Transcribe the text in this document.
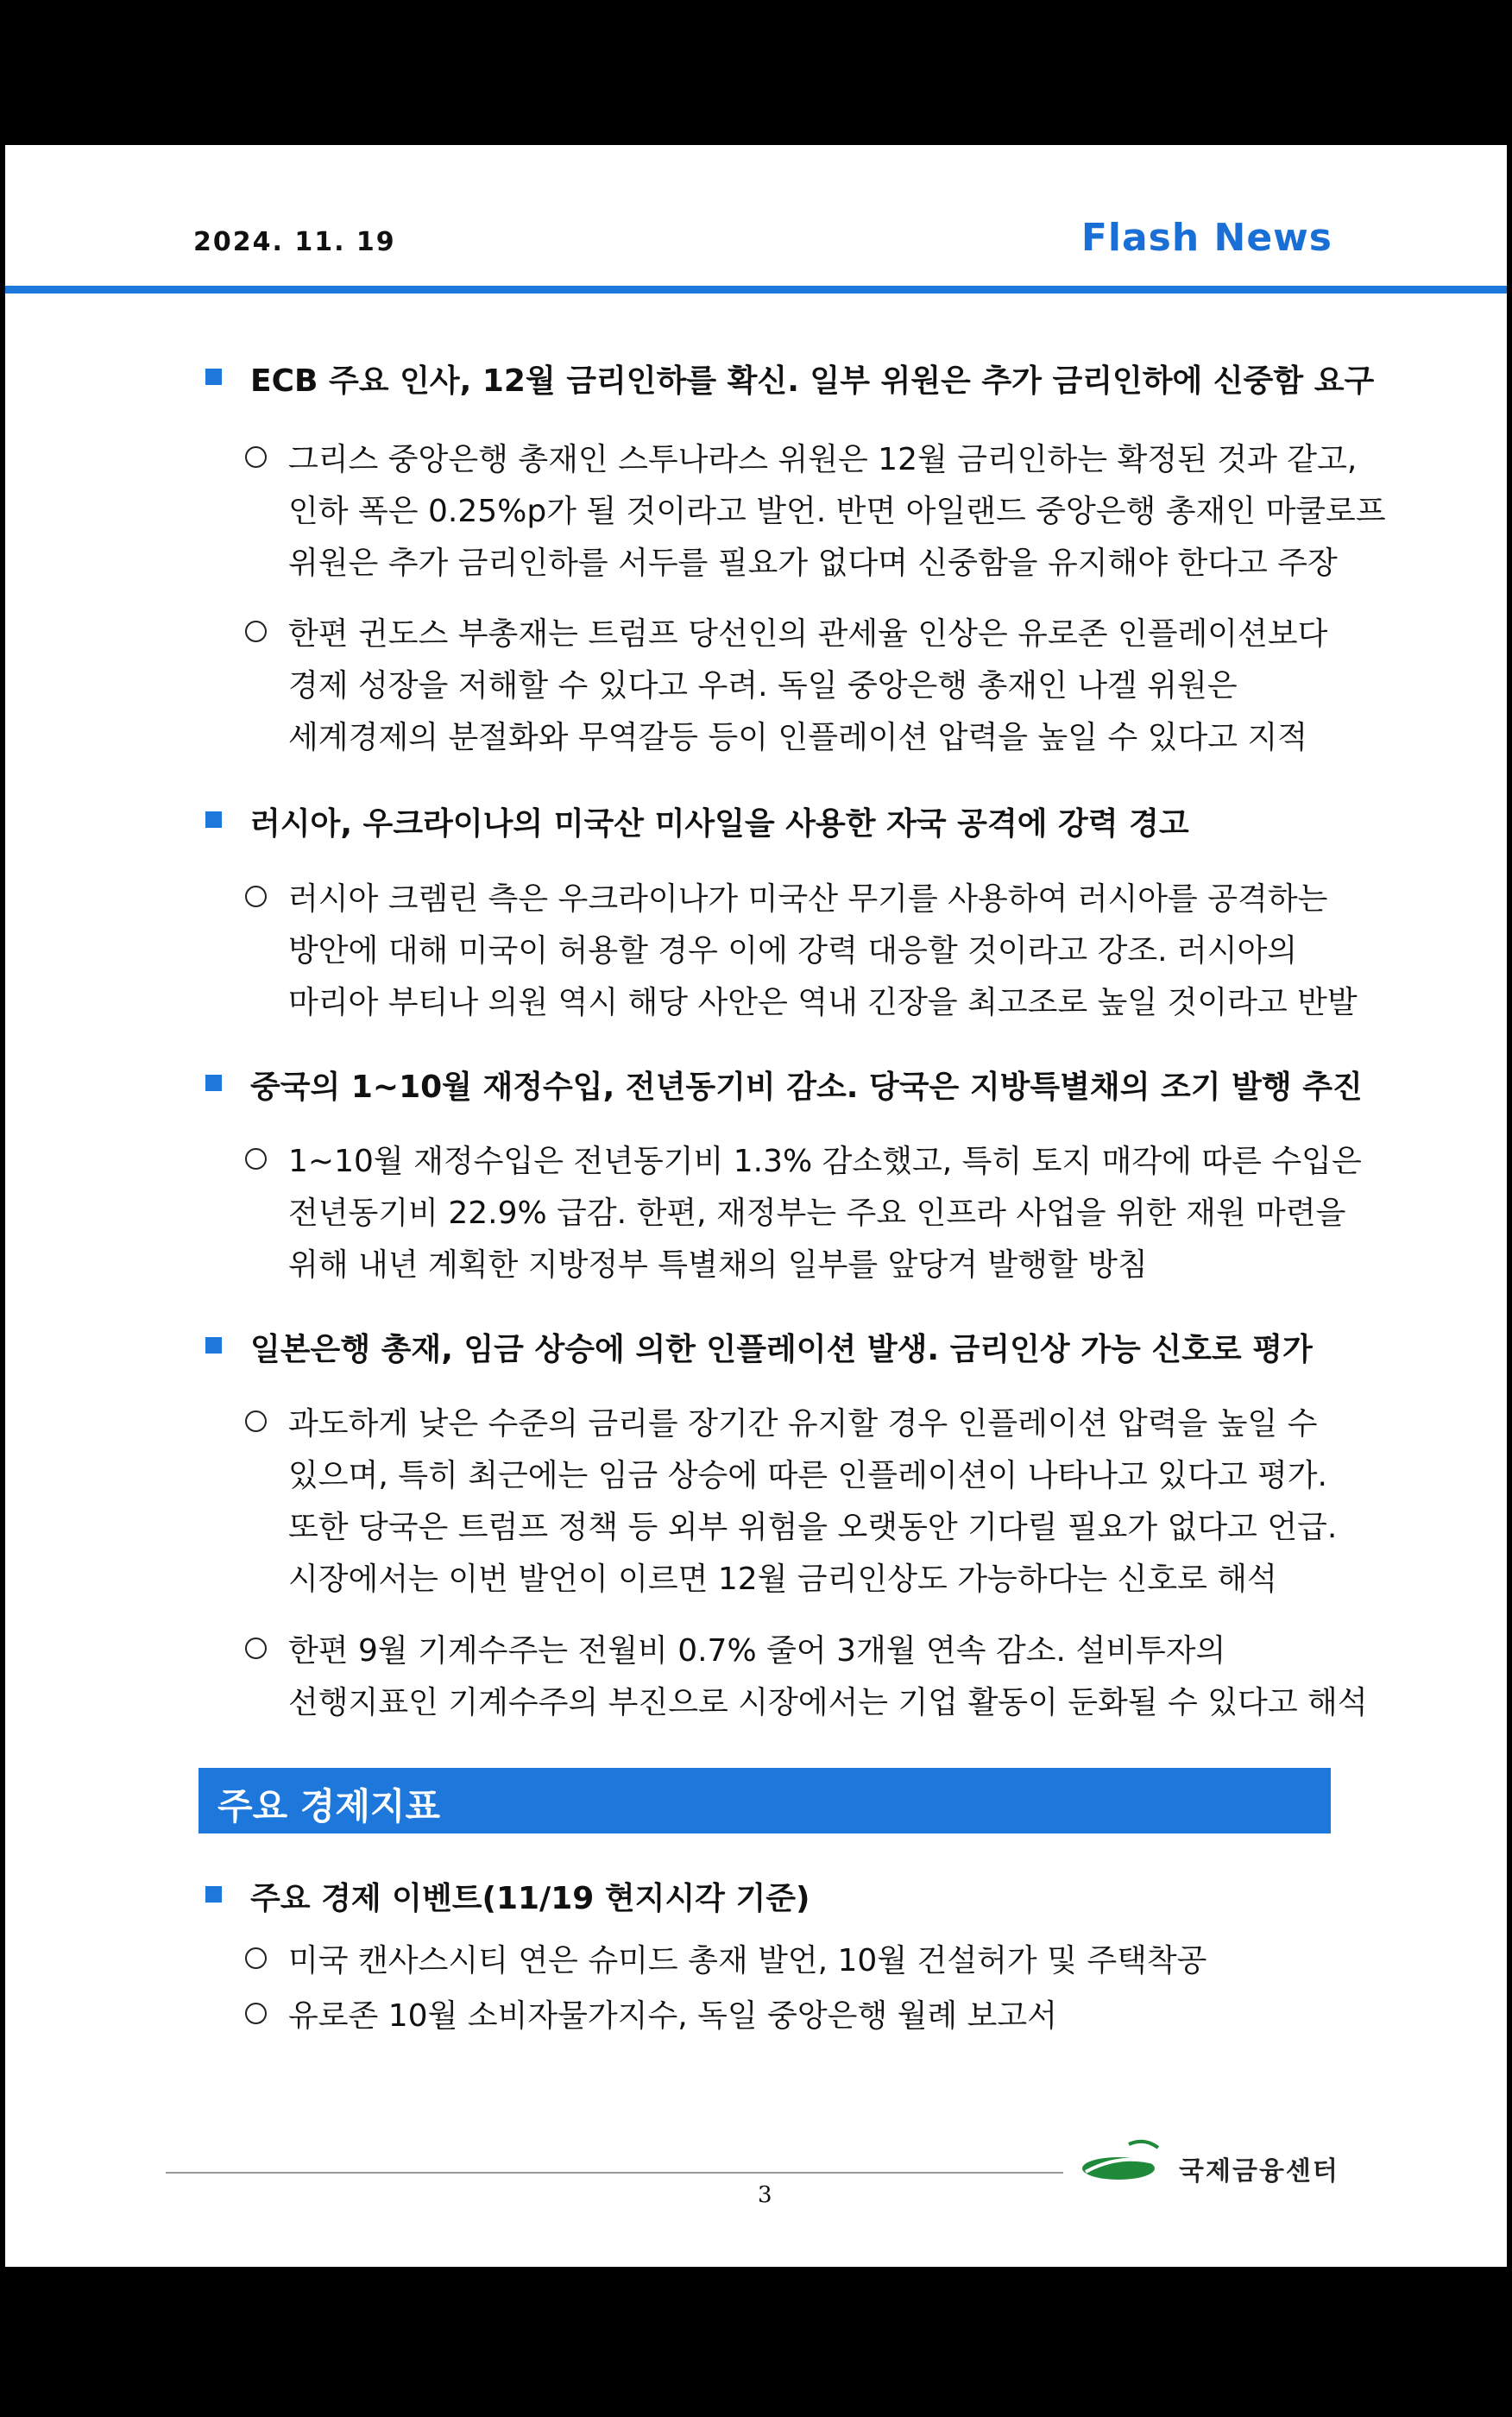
2024. 11. 19	Flash News
ECB 주요 인사, 12월 금리인하를 확신. 일부 위원은 추가 금리인하에 신중함 요구
그리스 중앙은행 총재인 스투나라스 위원은 12월 금리인하는 확정된 것과 같고,
인하 폭은 0.25%p가 될 것이라고 발언. 반면 아일랜드 중앙은행 총재인 마쿨로프
위원은 추가 금리인하를 서두를 필요가 없다며 신중함을 유지해야 한다고 주장
한편 귄도스 부총재는 트럼프 당선인의 관세율 인상은 유로존 인플레이션보다
경제 성장을 저해할 수 있다고 우려. 독일 중앙은행 총재인 나겔 위원은
세계경제의 분절화와 무역갈등 등이 인플레이션 압력을 높일 수 있다고 지적
러시아, 우크라이나의 미국산 미사일을 사용한 자국 공격에 강력 경고
러시아 크렘린 측은 우크라이나가 미국산 무기를 사용하여 러시아를 공격하는
방안에 대해 미국이 허용할 경우 이에 강력 대응할 것이라고 강조. 러시아의
마리아 부티나 의원 역시 해당 사안은 역내 긴장을 최고조로 높일 것이라고 반발
중국의 1~10월 재정수입, 전년동기비 감소. 당국은 지방특별채의 조기 발행 추진
1~10월 재정수입은 전년동기비 1.3% 감소했고, 특히 토지 매각에 따른 수입은
전년동기비 22.9% 급감. 한편, 재정부는 주요 인프라 사업을 위한 재원 마련을
위해 내년 계획한 지방정부 특별채의 일부를 앞당겨 발행할 방침
일본은행 총재, 임금 상승에 의한 인플레이션 발생. 금리인상 가능 신호로 평가
과도하게 낮은 수준의 금리를 장기간 유지할 경우 인플레이션 압력을 높일 수
있으며, 특히 최근에는 임금 상승에 따른 인플레이션이 나타나고 있다고 평가.
또한 당국은 트럼프 정책 등 외부 위험을 오랫동안 기다릴 필요가 없다고 언급.
시장에서는 이번 발언이 이르면 12월 금리인상도 가능하다는 신호로 해석
한편 9월 기계수주는 전월비 0.7% 줄어 3개월 연속 감소. 설비투자의
선행지표인 기계수주의 부진으로 시장에서는 기업 활동이 둔화될 수 있다고 해석
주요 경제지표
주요 경제 이벤트(11/19 현지시각 기준)
미국 캔사스시티 연은 슈미드 총재 발언, 10월 건설허가 및 주택착공
유로존 10월 소비자물가지수, 독일 중앙은행 월례 보고서
국제금융센터
3
